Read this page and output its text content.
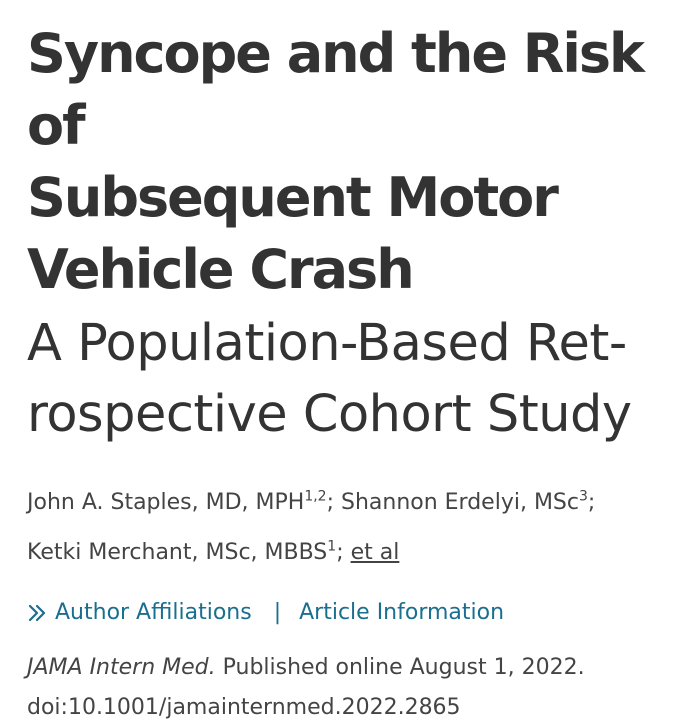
Syncope and the Risk of
Subsequent Motor
Vehicle Crash
A Population-Based Ret-
rospective Cohort Study
John A. Staples, MD, MPH$^{1,2}$; Shannon Erdelyi, MSc$^3$;
Ketki Merchant, MSc, MBBS$^1$; et al
Author Affiliations | Article Information
JAMA Intern Med. Published online August 1, 2022.
doi:10.1001/jamainternmed.2022.2865
